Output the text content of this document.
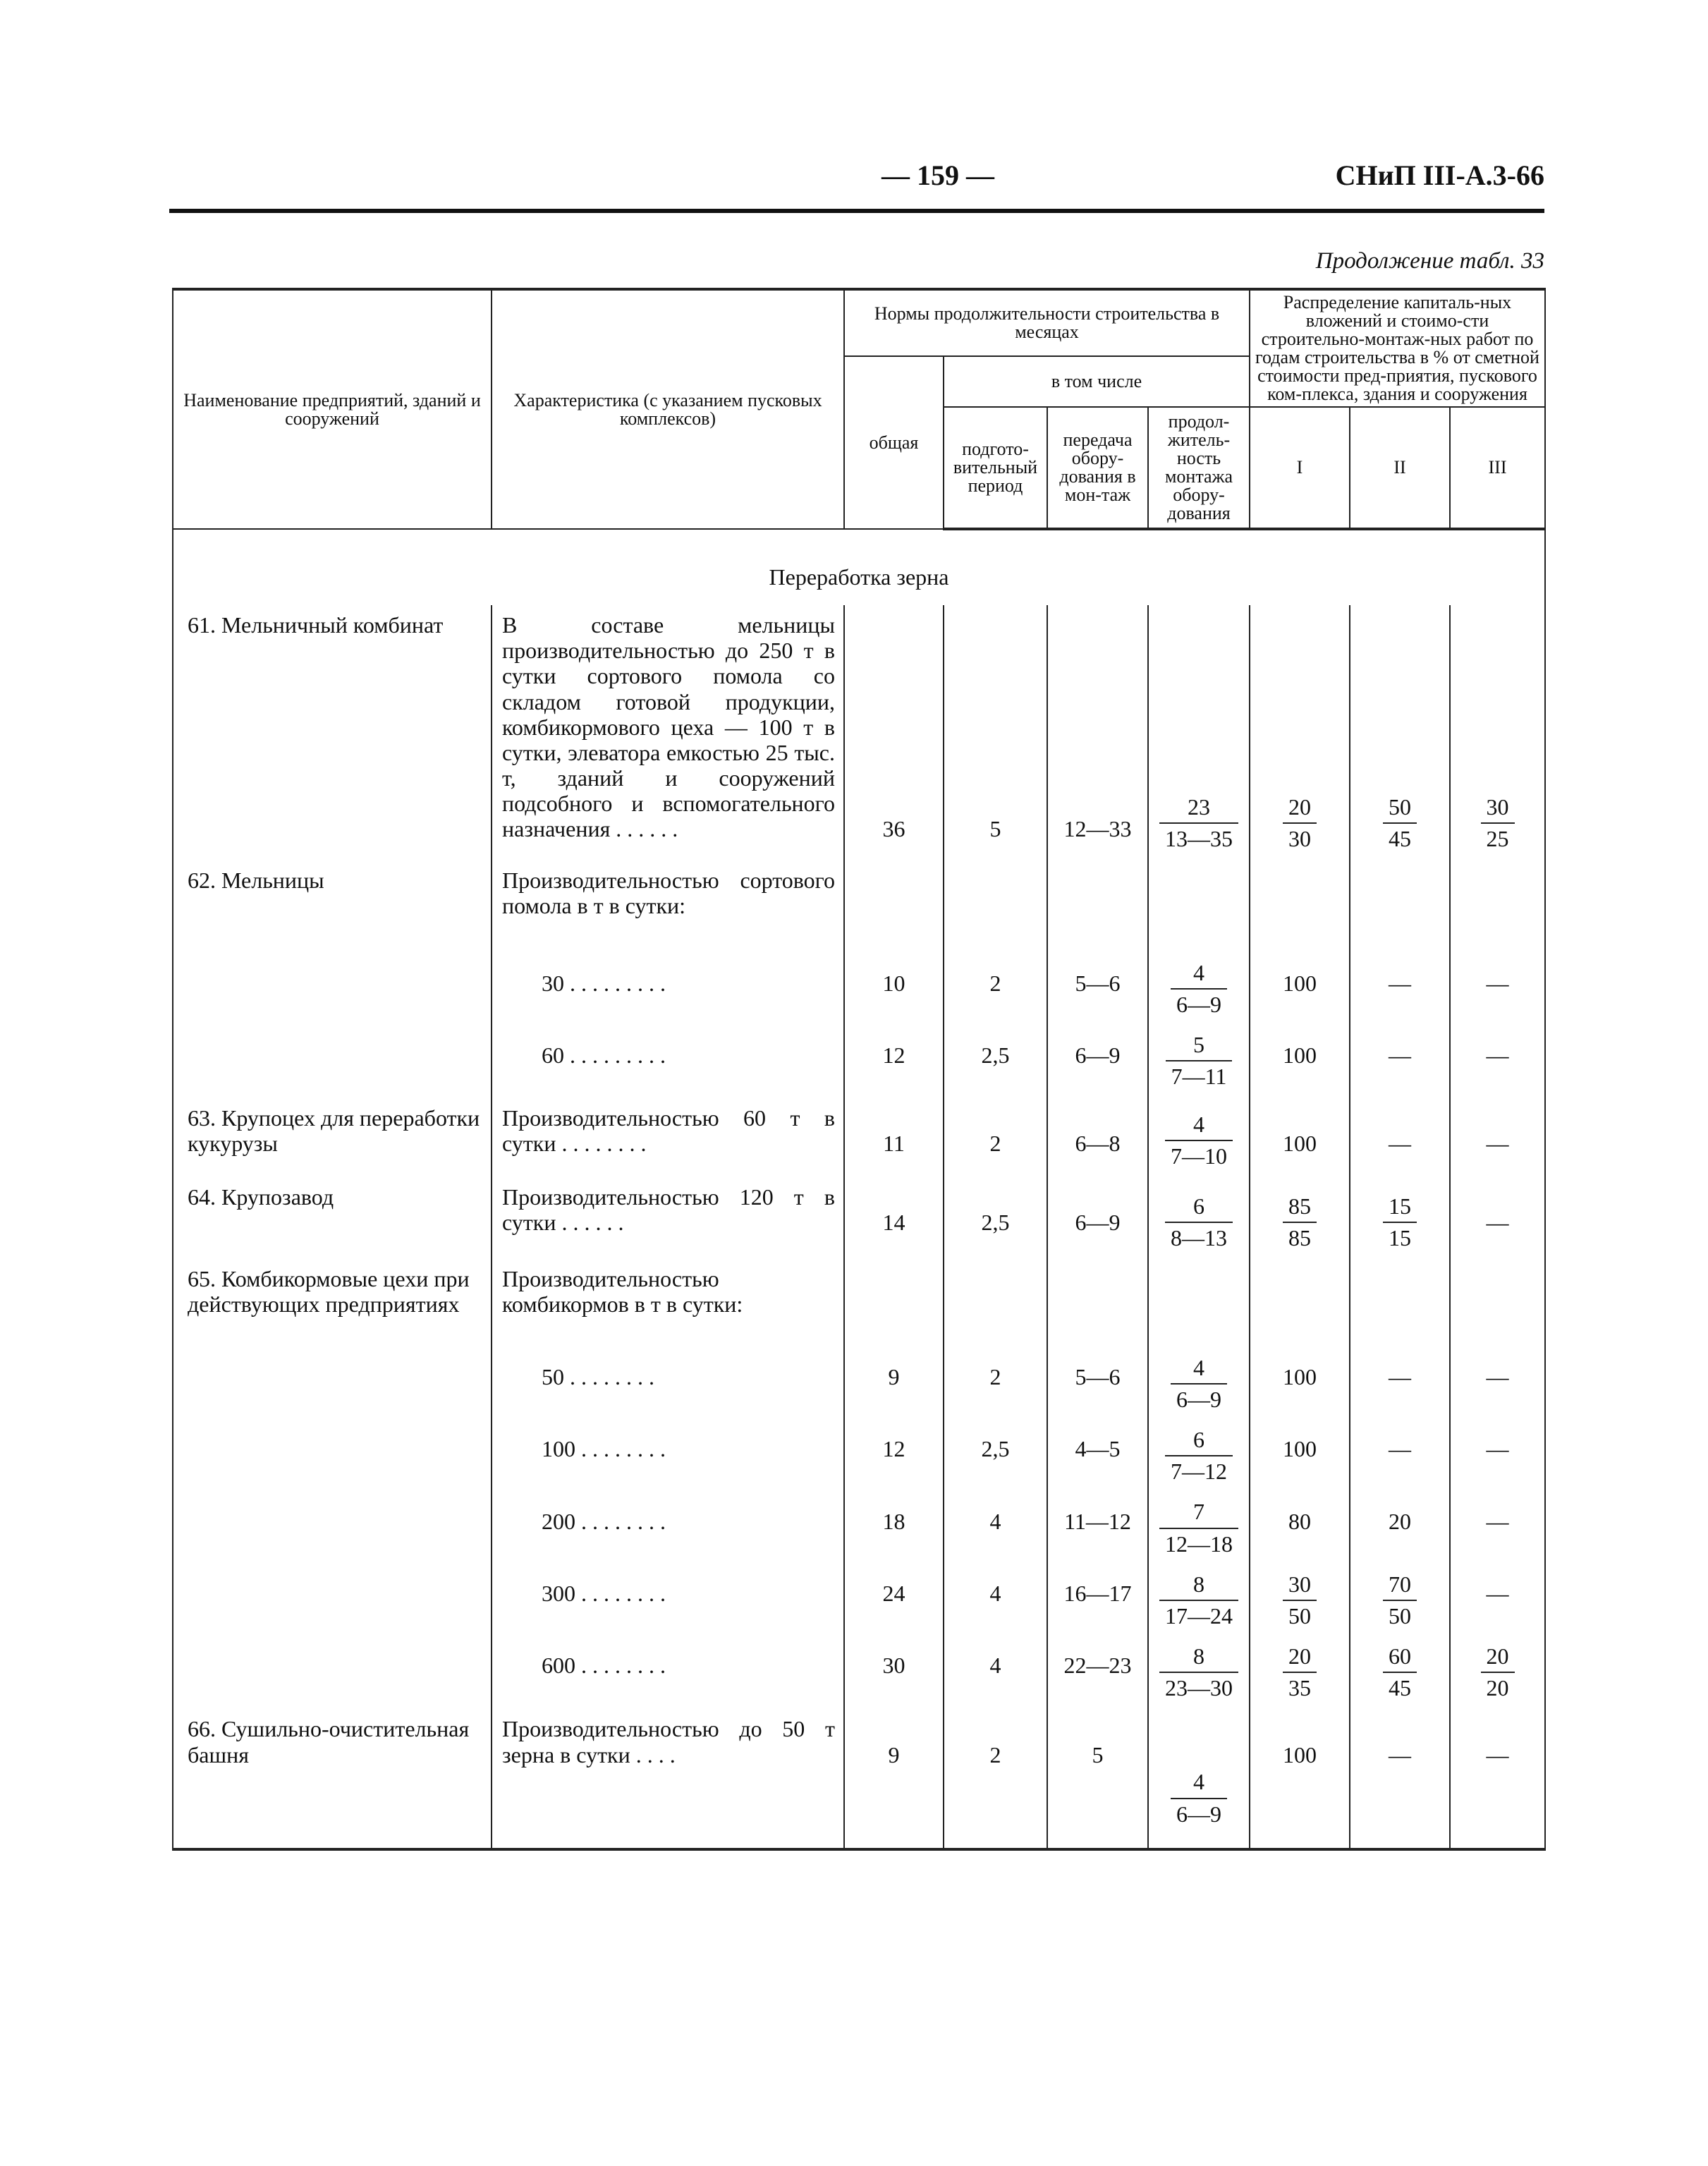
— 159 —	СНиП III-А.3-66
Продолжение табл. 33
Наименование предприятий, зданий и сооружений	Характеристика (с указанием пусковых комплексов)	Нормы продолжительности строительства в месяцах				Распределение капиталь-ных вложений и стоимо-сти строительно-монтаж-ных работ по годам строительства в % от сметной стоимости пред-приятия, пускового ком-плекса, здания и сооружения		
		общая	в том числе					
			подгото-вительный период	передача обору-дования в мон-таж	продол-житель-ность монтажа обору-дования	I	II	III
Переработка зерна								
61. Мельничный комбинат	В составе мельницы производительностью до 250 т в сутки сортового помола со складом готовой продукции, комбикормового цеха — 100 т в сутки, элеватора емкостью 25 тыс. т, зданий и сооружений подсобного и вспомогательного назначения . . . . . .	36	5	12—33	$\frac{23}{13—35}$	$\frac{20}{30}$	$\frac{50}{45}$	$\frac{30}{25}$

62. Мельницы	Производительностью сортового помола в т в сутки:							
	30 . . . . . . . . .	10	2	5—6	$\frac{4}{6—9}$	100	—	—
	60 . . . . . . . . .	12	2,5	6—9	$\frac{5}{7—11}$	100	—	—
63. Крупоцех для переработки кукурузы	Производительностью 60 т в сутки . . . . . . . .	11	2	6—8	$\frac{4}{7—10}$	100	—	—
64. Крупозавод	Производительностью 120 т в сутки . . . . . .	14	2,5	6—9	$\frac{6}{8—13}$	$\frac{85}{85}$	$\frac{15}{15}$	—
65. Комбикормовые цехи при действующих предприятиях	Производительностью комбикормов в т в сутки:							
	50 . . . . . . . .	9	2	5—6	$\frac{4}{6—9}$	100	—	—
	100 . . . . . . . .	12	2,5	4—5	$\frac{6}{7—12}$	100	—	—
	200 . . . . . . . .	18	4	11—12	$\frac{7}{12—18}$	80	20	—
	300 . . . . . . . .	24	4	16—17	$\frac{8}{17—24}$	$\frac{30}{50}$	$\frac{70}{50}$	—
	600 . . . . . . . .	30	4	22—23	$\frac{8}{23—30}$	$\frac{20}{35}$	$\frac{60}{45}$	$\frac{20}{20}$

66. Сушильно-очистительная башня	Производительностью до 50 т зерна в сутки . . . .	9	2	5	$\frac{4}{6—9}$	100	—	—
